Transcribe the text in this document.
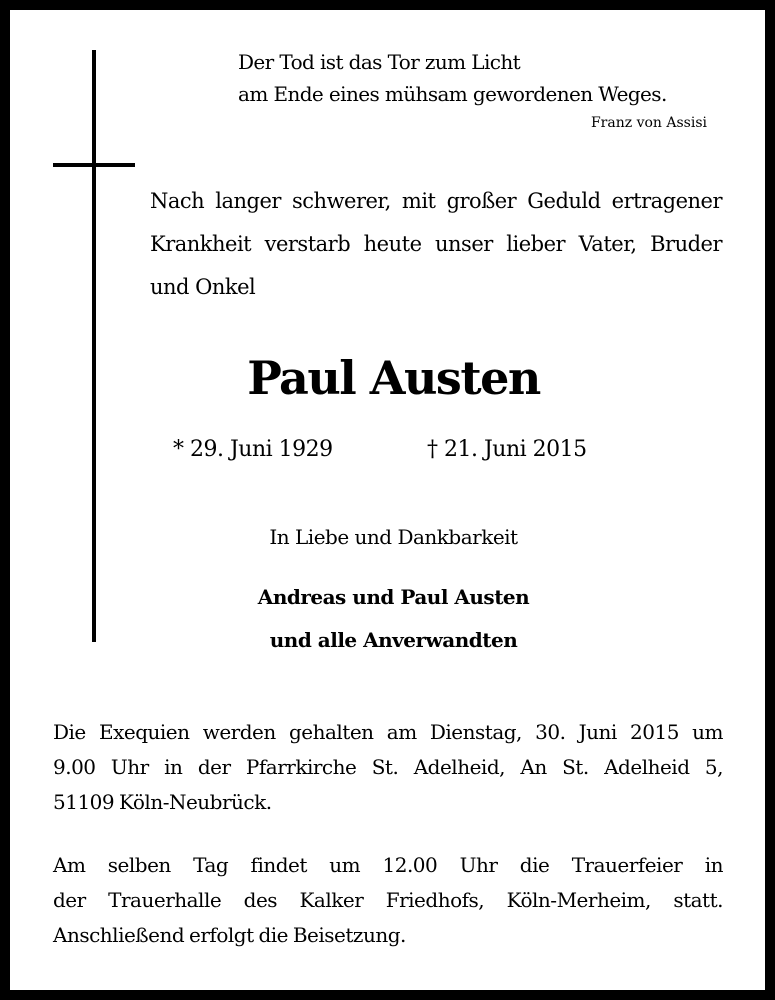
Der Tod ist das Tor zum Licht
am Ende eines mühsam gewordenen Weges.
Franz von Assisi
Nach langer schwerer, mit großer Geduld ertragener Krankheit verstarb heute unser lieber Vater, Bruder und Onkel
Paul Austen
* 29. Juni 1929	† 21. Juni 2015
In Liebe und Dankbarkeit
Andreas und Paul Austen
und alle Anverwandten
Die Exequien werden gehalten am Dienstag, 30. Juni 2015 um
9.00 Uhr in der Pfarrkirche St. Adelheid, An St. Adelheid 5,
51109 Köln-Neubrück.
Am selben Tag findet um 12.00 Uhr die Trauerfeier in
der Trauerhalle des Kalker Friedhofs, Köln-Merheim, statt.
Anschließend erfolgt die Beisetzung.
